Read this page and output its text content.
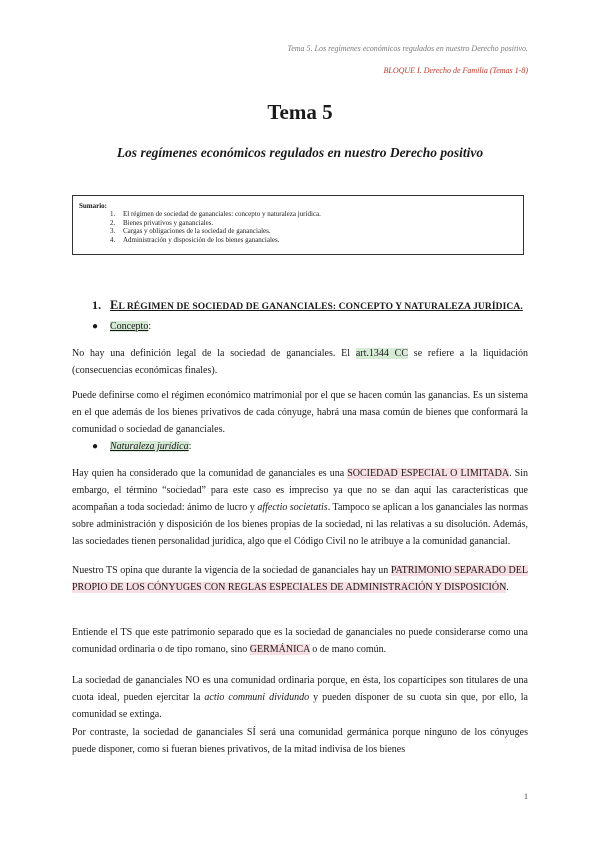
Tema 5. Los regímenes económicos regulados en nuestro Derecho positivo.
BLOQUE I. Derecho de Familia (Temas 1-8)
Tema 5
Los regímenes económicos regulados en nuestro Derecho positivo
Sumario:
1. El régimen de sociedad de gananciales: concepto y naturaleza jurídica.
2. Bienes privativos y gananciales.
3. Cargas y obligaciones de la sociedad de gananciales.
4. Administración y disposición de los bienes gananciales.
1. EL RÉGIMEN DE SOCIEDAD DE GANANCIALES: CONCEPTO Y NATURALEZA JURÍDICA.
● Concepto:
No hay una definición legal de la sociedad de gananciales. El art.1344 CC se refiere a la liquidación (consecuencias económicas finales).
Puede definirse como el régimen económico matrimonial por el que se hacen común las ganancias. Es un sistema en el que además de los bienes privativos de cada cónyuge, habrá una masa común de bienes que conformará la comunidad o sociedad de gananciales.
● Naturaleza jurídica:
Hay quien ha considerado que la comunidad de gananciales es una SOCIEDAD ESPECIAL O LIMITADA. Sin embargo, el término “sociedad” para este caso es impreciso ya que no se dan aquí las características que acompañan a toda sociedad: ánimo de lucro y affectio societatis. Tampoco se aplican a los gananciales las normas sobre administración y disposición de los bienes propias de la sociedad, ni las relativas a su disolución. Además, las sociedades tienen personalidad jurídica, algo que el Código Civil no le atribuye a la comunidad ganancial.
Nuestro TS opina que durante la vigencia de la sociedad de gananciales hay un PATRIMONIO SEPARADO DEL PROPIO DE LOS CÓNYUGES CON REGLAS ESPECIALES DE ADMINISTRACIÓN Y DISPOSICIÓN.
Entiende el TS que este patrimonio separado que es la sociedad de gananciales no puede considerarse como una comunidad ordinaria o de tipo romano, sino GERMÁNICA o de mano común.
La sociedad de gananciales NO es una comunidad ordinaria porque, en ésta, los copartícipes son titulares de una cuota ideal, pueden ejercitar la actio communi dividundo y pueden disponer de su cuota sin que, por ello, la comunidad se extinga.
Por contraste, la sociedad de gananciales SÍ será una comunidad germánica porque ninguno de los cónyuges puede disponer, como si fueran bienes privativos, de la mitad indivisa de los bienes
1
